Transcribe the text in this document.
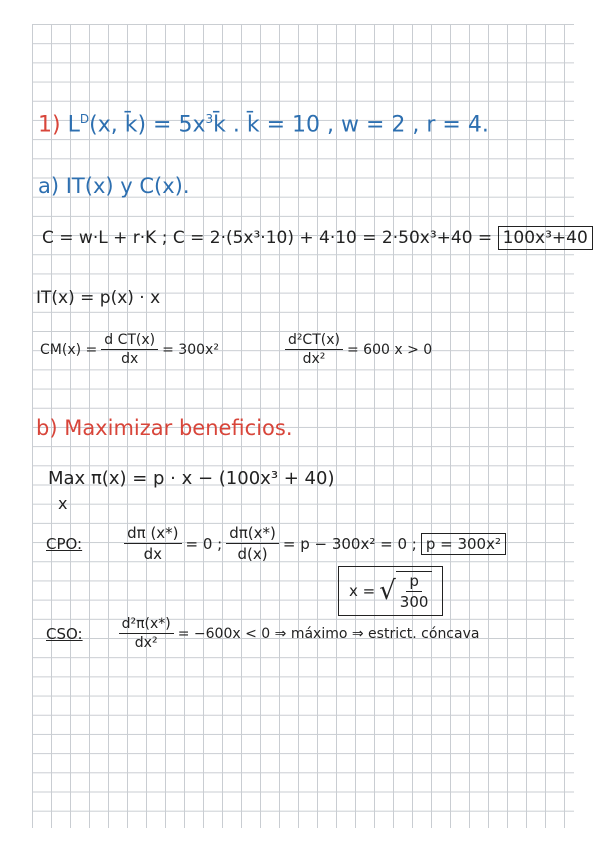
1) $L^D(x$, k̄) = $5x^3k̄$ . k̄ = 10 , w = 2 , r = 4.
a) IT(x) y C(x).
C = w·L + r·K ; C = 2·(5x³·10) + 4·10 = 2·50x³+40 = 100x³+40
IT(x) = p(x) · x
$CM(x) = \frac{\text{d CT(x)}}{dx} = 300x^2$	$\frac{\text{d²CT(x)}}{\text{dx²}} = 600$ x > 0
b) Maximizar beneficios.
Max π(x) = p · x − (100x³ + 40)
x
CPO:	$\frac{d\pi (x*)}{dx} = 0$ ; $\frac{d\pi(x*)}{d(x)} = p - 300x^2 = 0$ ; p = 300x²
x = √ $\frac{p}{300}$
CSO:	$\frac{\text{d²π(x*)}}{\text{dx²}} = -600x < 0$ ⇒ máximo ⇒ estrict. cóncava
